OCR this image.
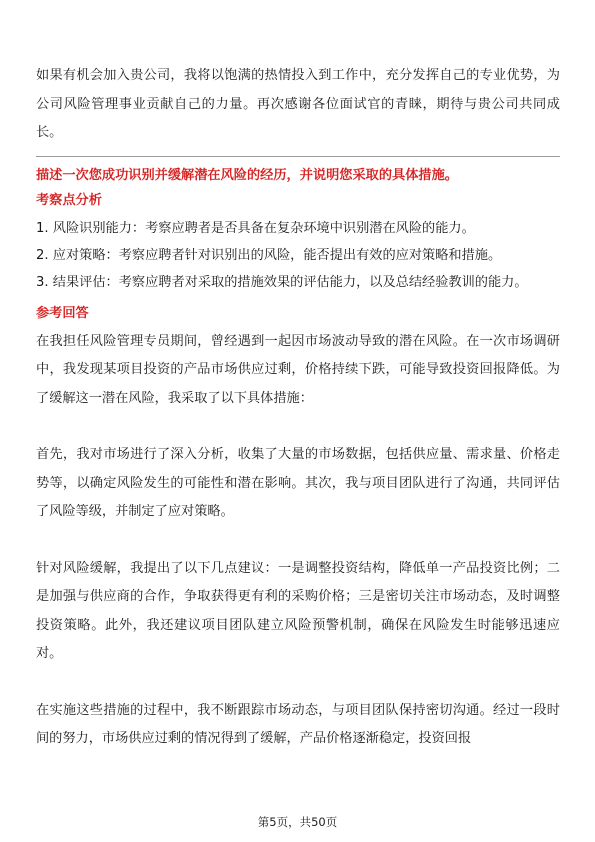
如果有机会加入贵公司，我将以饱满的热情投入到工作中，充分发挥自己的专业优势，为公司风险管理事业贡献自己的力量。再次感谢各位面试官的青睐，期待与贵公司共同成长。

描述一次您成功识别并缓解潜在风险的经历，并说明您采取的具体措施。

考察点分析

1. 风险识别能力：考察应聘者是否具备在复杂环境中识别潜在风险的能力。

2. 应对策略：考察应聘者针对识别出的风险，能否提出有效的应对策略和措施。

3. 结果评估：考察应聘者对采取的措施效果的评估能力，以及总结经验教训的能力。

参考回答

在我担任风险管理专员期间，曾经遇到一起因市场波动导致的潜在风险。在一次市场调研中，我发现某项目投资的产品市场供应过剩，价格持续下跌，可能导致投资回报降低。为了缓解这一潜在风险，我采取了以下具体措施：

首先，我对市场进行了深入分析，收集了大量的市场数据，包括供应量、需求量、价格走势等，以确定风险发生的可能性和潜在影响。其次，我与项目团队进行了沟通，共同评估了风险等级，并制定了应对策略。

针对风险缓解，我提出了以下几点建议：一是调整投资结构，降低单一产品投资比例；二是加强与供应商的合作，争取获得更有利的采购价格；三是密切关注市场动态，及时调整投资策略。此外，我还建议项目团队建立风险预警机制，确保在风险发生时能够迅速应对。

在实施这些措施的过程中，我不断跟踪市场动态，与项目团队保持密切沟通。经过一段时间的努力，市场供应过剩的情况得到了缓解，产品价格逐渐稳定，投资回报

第5页，共50页
